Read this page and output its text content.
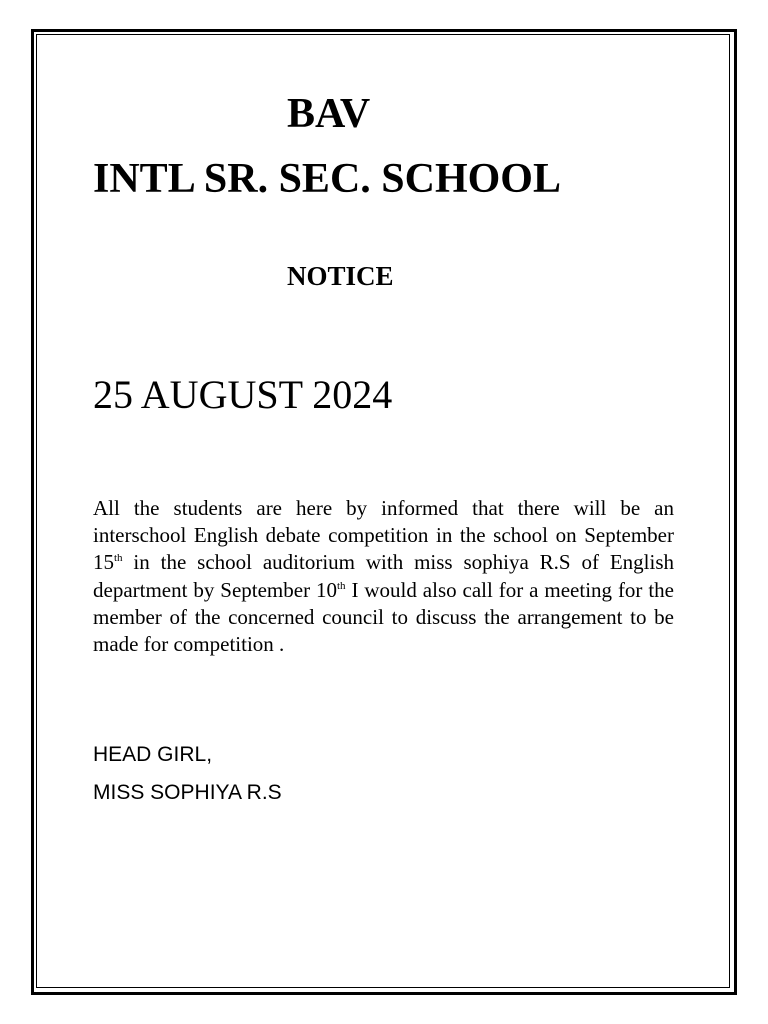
BAV
INTL SR. SEC. SCHOOL
NOTICE
25 AUGUST 2024
All the students are here by informed that there will be an interschool English debate competition in the school on September 15th in the school auditorium with miss sophiya R.S of English department by September 10th I would also call for a meeting for the member of the concerned council to discuss the arrangement to be made for competition .
HEAD GIRL,
MISS SOPHIYA R.S
